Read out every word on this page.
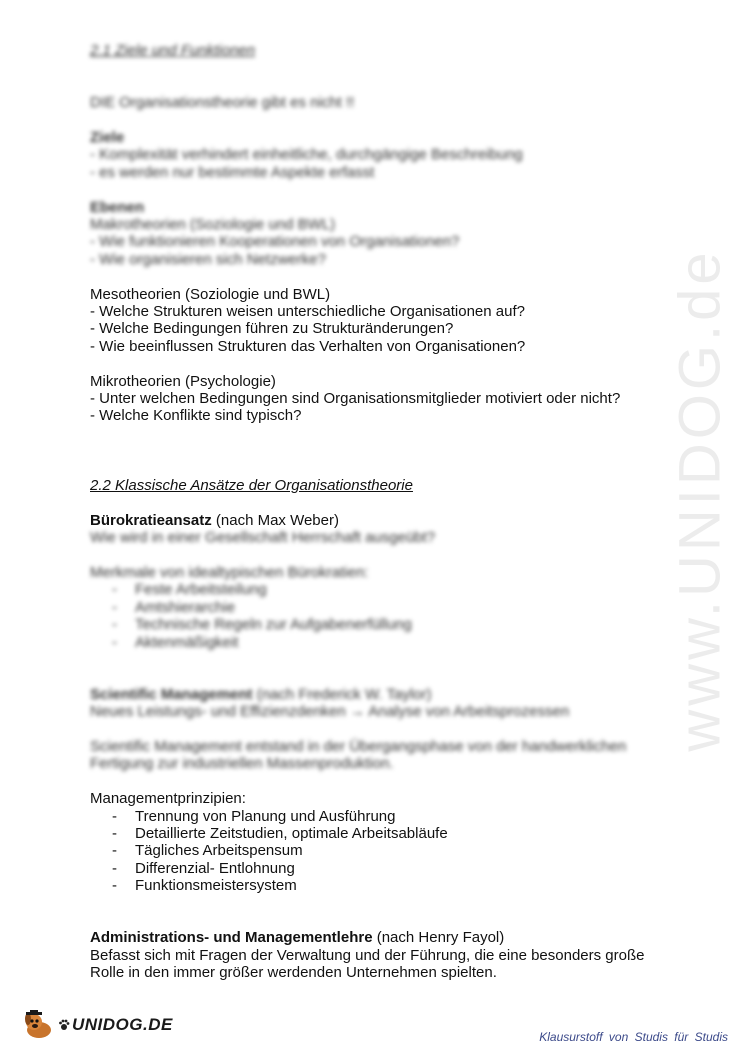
www.UNIDOG.de
2.1 Ziele und Funktionen
DIE Organisationstheorie gibt es nicht !!
Ziele
- Komplexität verhindert einheitliche, durchgängige Beschreibung
- es werden nur bestimmte Aspekte erfasst
Ebenen
Makrotheorien (Soziologie und BWL)
- Wie funktionieren Kooperationen von Organisationen?
- Wie organisieren sich Netzwerke?
Mesotheorien (Soziologie und BWL)
- Welche Strukturen weisen unterschiedliche Organisationen auf?
- Welche Bedingungen führen zu Strukturänderungen?
- Wie beeinflussen Strukturen das Verhalten von Organisationen?
Mikrotheorien (Psychologie)
- Unter welchen Bedingungen sind Organisationsmitglieder motiviert oder nicht?
- Welche Konflikte sind typisch?
2.2 Klassische Ansätze der Organisationstheorie
Bürokratieansatz (nach Max Weber)
Wie wird in einer Gesellschaft Herrschaft ausgeübt?
Merkmale von idealtypischen Bürokratien:
-	Feste Arbeitsteilung
-	Amtshierarchie
-	Technische Regeln zur Aufgabenerfüllung
-	Aktenmäßigkeit
Scientific Management (nach Frederick W. Taylor)
Neues Leistungs- und Effizienzdenken → Analyse von Arbeitsprozessen
Scientific Management entstand in der Übergangsphase von der handwerklichen
Fertigung zur industriellen Massenproduktion.
Managementprinzipien:
-	Trennung von Planung und Ausführung
-	Detaillierte Zeitstudien, optimale Arbeitsabläufe
-	Tägliches Arbeitspensum
-	Differenzial- Entlohnung
-	Funktionsmeistersystem
Administrations- und Managementlehre (nach Henry Fayol)
Befasst sich mit Fragen der Verwaltung und der Führung, die eine besonders große
Rolle in den immer größer werdenden Unternehmen spielten.
UNIDOG.DE
Klausurstoff von Studis für Studis
